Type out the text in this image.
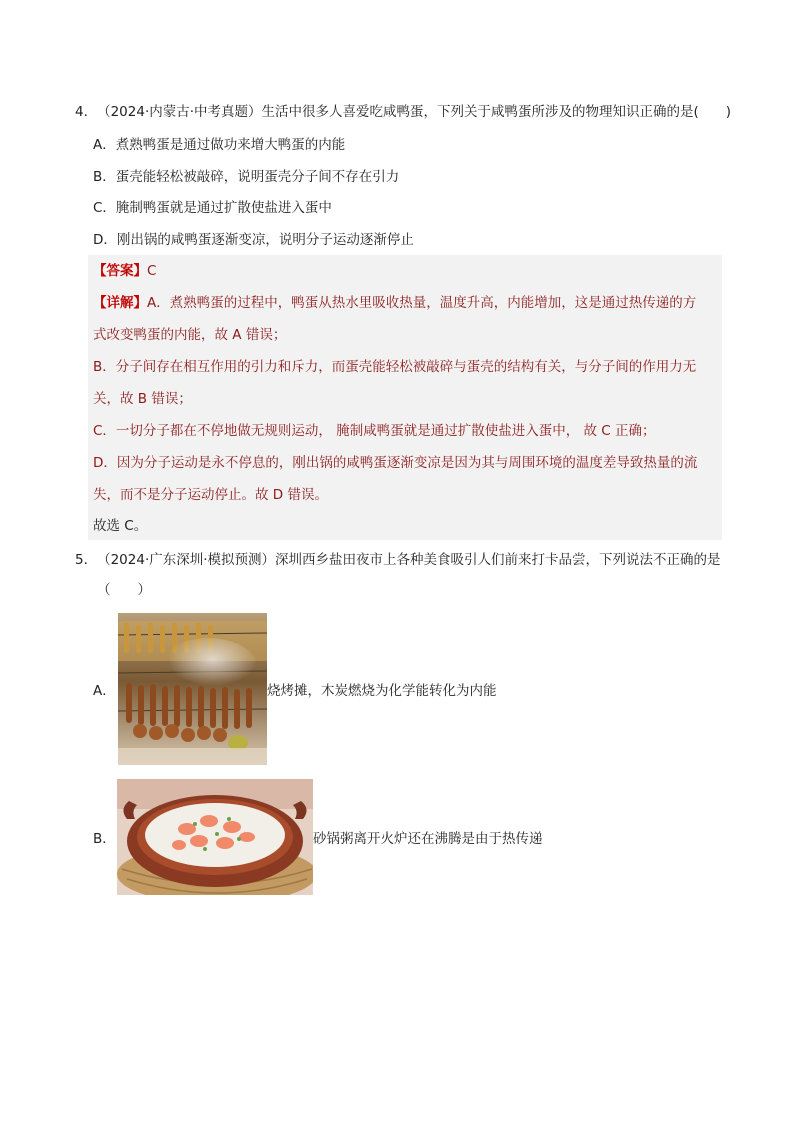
4．（2024·内蒙古·中考真题）生活中很多人喜爱吃咸鸭蛋，下列关于咸鸭蛋所涉及的物理知识正确的是(　　)
A．煮熟鸭蛋是通过做功来增大鸭蛋的内能
B．蛋壳能轻松被敲碎，说明蛋壳分子间不存在引力
C．腌制鸭蛋就是通过扩散使盐进入蛋中
D．刚出锅的咸鸭蛋逐渐变凉，说明分子运动逐渐停止
【答案】C
【详解】A．煮熟鸭蛋的过程中，鸭蛋从热水里吸收热量，温度升高，内能增加，这是通过热传递的方
式改变鸭蛋的内能，故 A 错误；
B．分子间存在相互作用的引力和斥力，而蛋壳能轻松被敲碎与蛋壳的结构有关，与分子间的作用力无
关，故 B 错误；
C．一切分子都在不停地做无规则运动， 腌制咸鸭蛋就是通过扩散使盐进入蛋中， 故 C 正确；
D．因为分子运动是永不停息的，刚出锅的咸鸭蛋逐渐变凉是因为其与周围环境的温度差导致热量的流
失，而不是分子运动停止。故 D 错误。
故选 C。
5．（2024·广东深圳·模拟预测）深圳西乡盐田夜市上各种美食吸引人们前来打卡品尝，下列说法不正确的是
（　　）
A．	烧烤摊，木炭燃烧为化学能转化为内能
B．	砂锅粥离开火炉还在沸腾是由于热传递
